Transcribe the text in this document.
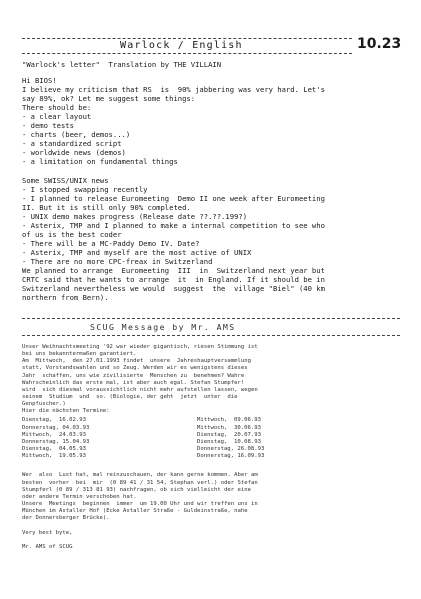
Warlock / English	10.23
"Warlock's letter"  Translation by THE VILLAIN
Hi BIOS!
I believe my criticism that RS  is  90% jabbering was very hard. Let's
say 89%, ok? Let me suggest some things:
There should be:
- a clear layout
- demo tests
- charts (beer, demos...)
- a standardized script
- worldwide news (demos)
- a limitation on fundamental things
Some SWISS/UNIX news
- I stopped swapping recently
- I planned to release Euromeeting  Demo II one week after Euromeeting
II. But it is still only 90% completed.
- UNIX demo makes progress (Release date ??.??.199?)
- Asterix, TMP and I planned to make a internal competition to see who
of us is the best coder
- There will be a MC-Paddy Demo IV. Date?
- Asterix, TMP and myself are the most active of UNIX
- There are no more CPC-freax in Switzerland
We planned to arrange  Euromeeting  III  in  Switzerland next year but
CRTC said that he wants to arrange  it  in England. If it should be in
Switzerland nevertheless we would  suggest  the  village "Biel" (40 km
northern from Bern).
SCUG Message by Mr. AMS
Unser Weihnachtsmeeting '92 war wieder gigantisch, riesen Stimmung ist
bei uns bekanntermaßen garantiert.
Am  Mittwoch,  den 27.01.1993 findet  unsere  Jahreshauptversammlung
statt, Vorstandswahlen und so Zeug. Werden wir es wenigstens dieses
Jahr  schaffen, uns wie zivilisierte  Menschen zu  benehmen? Wahre
Wahrscheinlich das erste mal, ist aber auch egal. Stefan Stumpfer!
wird  sich diesmal voraussichtlich nicht mehr aufstellen lassen, wegen
seinem  Studium  und  so. (Biologie, der geht  jetzt  unter  die
Genpfuscher.)
Hier die nächsten Termine:
Dienstag,  16.02.93
Donnerstag, 04.03.93
Mittwoch,  24.03.93
Donnerstag, 15.04.93
Dienstag,  04.05.93
Mittwoch,  19.05.93
Mittwoch,  09.06.93
Mittwoch,  30.06.93
Dienstag,  20.07.93
Dienstag,  10.08.93
Donnerstag, 26.08.93
Donnerstag, 16.09.93
Wer  also  Lust hat, mal reinzuschauen, der kann gerne kommen. Aber am
besten  vorher  bei  mir  (0 89 41 / 31 54, Stephan verl.) oder Stefan
Stumpferl (0 89 / 313 81 93) nachfragen, ob sich vielleicht der eine
oder andere Termin verschoben hat.
Unsere  Meetings  beginnen  immer  um 19.00 Uhr und wir treffen uns in
München im Astaller Hof (Ecke Astaller Straße - Guldeinstraße, nahe
der Donnersberger Brücke).
Very best byte,
Mr. AMS of SCUG
